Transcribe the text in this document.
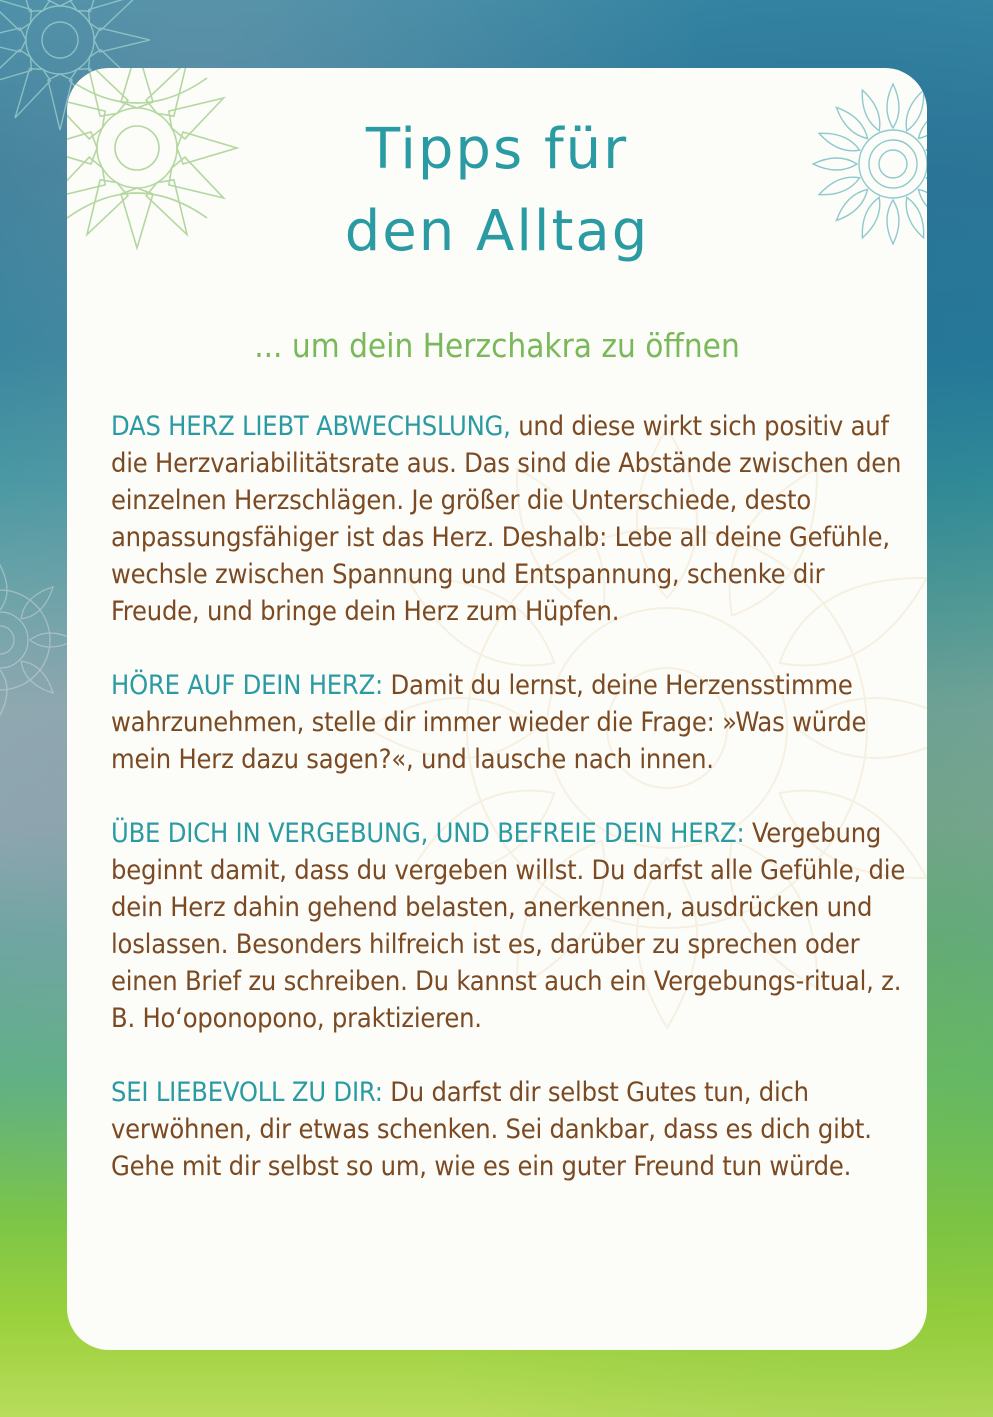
Tipps für
den Alltag
... um dein Herzchakra zu öffnen

DAS HERZ LIEBT ABWECHSLUNG, und diese wirkt sich positiv auf die Herzvariabilitätsrate aus. Das sind die Abstände zwischen den einzelnen Herzschlägen. Je größer die Unterschiede, desto anpassungsfähiger ist das Herz. Deshalb: Lebe all deine Gefühle, wechsle zwischen Spannung und Entspannung, schenke dir Freude, und bringe dein Herz zum Hüpfen.

HÖRE AUF DEIN HERZ: Damit du lernst, deine Herzensstimme wahrzunehmen, stelle dir immer wieder die Frage: »Was würde mein Herz dazu sagen?«, und lausche nach innen.

ÜBE DICH IN VERGEBUNG, UND BEFREIE DEIN HERZ: Vergebung beginnt damit, dass du vergeben willst. Du darfst alle Gefühle, die dein Herz dahin gehend belasten, anerkennen, ausdrücken und loslassen. Besonders hilfreich ist es, darüber zu sprechen oder einen Brief zu schreiben. Du kannst auch ein Vergebungs-ritual, z. B. Ho‘oponopono, praktizieren.

SEI LIEBEVOLL ZU DIR: Du darfst dir selbst Gutes tun, dich verwöhnen, dir etwas schenken. Sei dankbar, dass es dich gibt. Gehe mit dir selbst so um, wie es ein guter Freund tun würde.
